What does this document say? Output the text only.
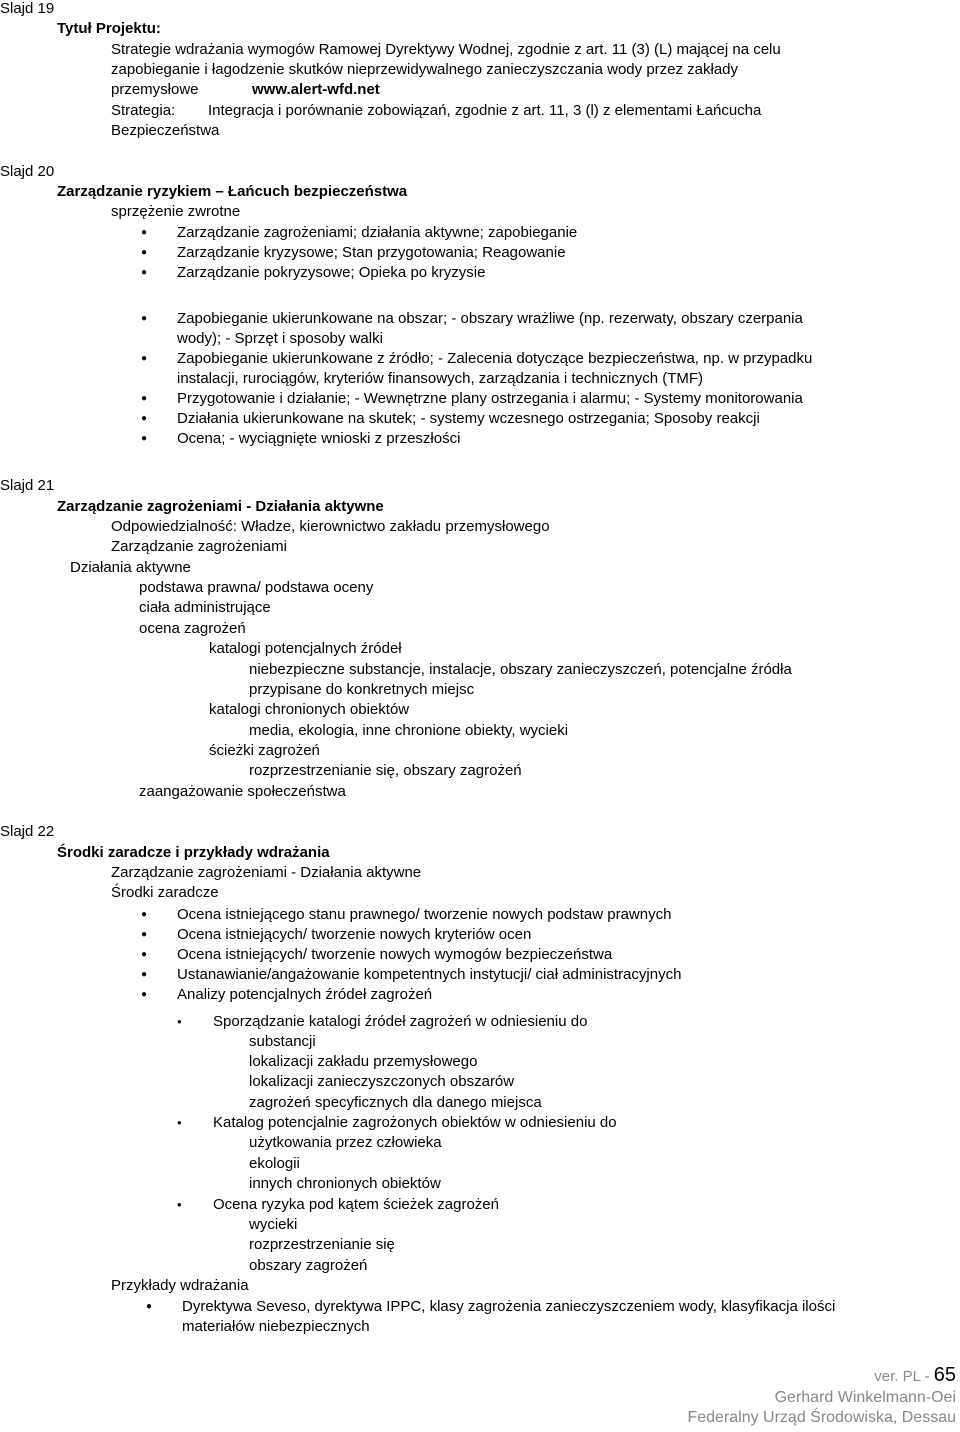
Slajd 19
Tytuł Projektu:
Strategie wdrażania wymogów Ramowej Dyrektywy Wodnej, zgodnie z art. 11 (3) (L) mającej na celu
zapobieganie i łagodzenie skutków nieprzewidywalnego zanieczyszczania wody przez zakłady
przemysłowe	www.alert-wfd.net
Strategia: Integracja i porównanie zobowiązań, zgodnie z art. 11, 3 (l) z elementami Łańcucha
Bezpieczeństwa
Slajd 20
Zarządzanie ryzykiem – Łańcuch bezpieczeństwa
sprzężenie zwrotne
● Zarządzanie zagrożeniami; działania aktywne; zapobieganie
● Zarządzanie kryzysowe; Stan przygotowania; Reagowanie
● Zarządzanie pokryzysowe; Opieka po kryzysie
● Zapobieganie ukierunkowane na obszar; - obszary wrażliwe (np. rezerwaty, obszary czerpania
wody); - Sprzęt i sposoby walki
● Zapobieganie ukierunkowane z źródło; - Zalecenia dotyczące bezpieczeństwa, np. w przypadku
instalacji, rurociągów, kryteriów finansowych, zarządzania i technicznych (TMF)
● Przygotowanie i działanie; - Wewnętrzne plany ostrzegania i alarmu; - Systemy monitorowania
● Działania ukierunkowane na skutek; - systemy wczesnego ostrzegania; Sposoby reakcji
● Ocena; - wyciągnięte wnioski z przeszłości
Slajd 21
Zarządzanie zagrożeniami - Działania aktywne
Odpowiedzialność: Władze, kierownictwo zakładu przemysłowego
Zarządzanie zagrożeniami
Działania aktywne
podstawa prawna/ podstawa oceny
ciała administrujące
ocena zagrożeń
katalogi potencjalnych źródeł
niebezpieczne substancje, instalacje, obszary zanieczyszczeń, potencjalne źródła
przypisane do konkretnych miejsc
katalogi chronionych obiektów
media, ekologia, inne chronione obiekty, wycieki
ścieżki zagrożeń
rozprzestrzenianie się, obszary zagrożeń
zaangażowanie społeczeństwa
Slajd 22
Środki zaradcze i przykłady wdrażania
Zarządzanie zagrożeniami - Działania aktywne
Środki zaradcze
● Ocena istniejącego stanu prawnego/ tworzenie nowych podstaw prawnych
● Ocena istniejących/ tworzenie nowych kryteriów ocen
● Ocena istniejących/ tworzenie nowych wymogów bezpieczeństwa
● Ustanawianie/angażowanie kompetentnych instytucji/ ciał administracyjnych
● Analizy potencjalnych źródeł zagrożeń
• Sporządzanie katalogi źródeł zagrożeń w odniesieniu do
substancji
lokalizacji zakładu przemysłowego
lokalizacji zanieczyszczonych obszarów
zagrożeń specyficznych dla danego miejsca
• Katalog potencjalnie zagrożonych obiektów w odniesieniu do
użytkowania przez człowieka
ekologii
innych chronionych obiektów
• Ocena ryzyka pod kątem ścieżek zagrożeń
wycieki
rozprzestrzenianie się
obszary zagrożeń
Przykłady wdrażania
● Dyrektywa Seveso, dyrektywa IPPC, klasy zagrożenia zanieczyszczeniem wody, klasyfikacja ilości
materiałów niebezpiecznych
ver. PL - 65
Gerhard Winkelmann-Oei
Federalny Urząd Środowiska, Dessau
